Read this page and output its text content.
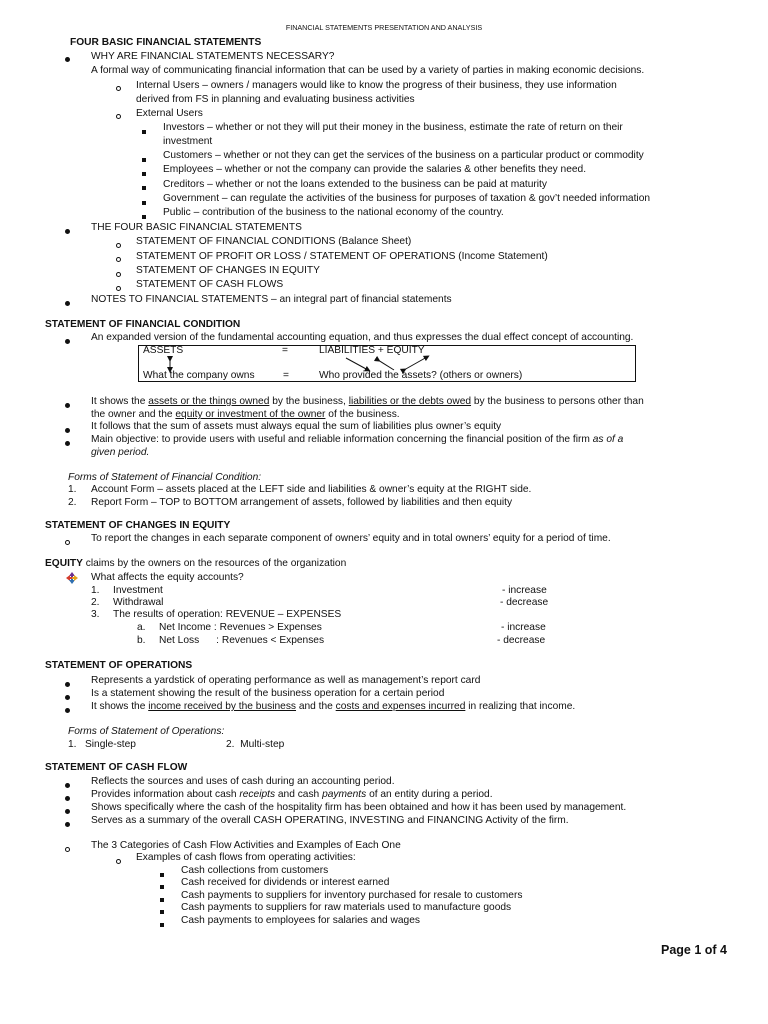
FINANCIAL STATEMENTS PRESENTATION AND ANALYSIS
FOUR BASIC FINANCIAL STATEMENTS
WHY ARE FINANCIAL STATEMENTS NECESSARY?
A formal way of communicating financial information that can be used by a variety of parties in making economic decisions.
Internal Users – owners / managers would like to know the progress of their business, they use information
derived from FS in planning and evaluating business activities
External Users
Investors – whether or not they will put their money in the business, estimate the rate of return on their
investment
Customers – whether or not they can get the services of the business on a particular product or commodity
Employees – whether or not the company can provide the salaries & other benefits they need.
Creditors – whether or not the loans extended to the business can be paid at maturity
Government – can regulate the activities of the business for purposes of taxation & gov’t needed information
Public – contribution of the business to the national economy of the country.
THE FOUR BASIC FINANCIAL STATEMENTS
STATEMENT OF FINANCIAL CONDITIONS (Balance Sheet)
STATEMENT OF PROFIT OR LOSS / STATEMENT OF OPERATIONS (Income Statement)
STATEMENT OF CHANGES IN EQUITY
STATEMENT OF CASH FLOWS
NOTES TO FINANCIAL STATEMENTS – an integral part of financial statements
STATEMENT OF FINANCIAL CONDITION
An expanded version of the fundamental accounting equation, and thus expresses the dual effect concept of accounting.
ASSETS	=	LIABILITIES + EQUITY
What the company owns	=	Who provided the assets? (others or owners)
It shows the assets or the things owned by the business, liabilities or the debts owed by the business to persons other than
the owner and the equity or investment of the owner of the business.
It follows that the sum of assets must always equal the sum of liabilities plus owner’s equity
Main objective: to provide users with useful and reliable information concerning the financial position of the firm as of a
given period.
Forms of Statement of Financial Condition:
1. Account Form – assets placed at the LEFT side and liabilities & owner’s equity at the RIGHT side.
2. Report Form – TOP to BOTTOM arrangement of assets, followed by liabilities and then equity
STATEMENT OF CHANGES IN EQUITY
To report the changes in each separate component of owners’ equity and in total owners’ equity for a period of time.
EQUITY claims by the owners on the resources of the organization
What affects the equity accounts?
1. Investment	- increase
2. Withdrawal	- decrease
3. The results of operation: REVENUE – EXPENSES
a. Net Income : Revenues > Expenses	- increase
b. Net Loss      : Revenues < Expenses	- decrease
STATEMENT OF OPERATIONS
Represents a yardstick of operating performance as well as management’s report card
Is a statement showing the result of the business operation for a certain period
It shows the income received by the business and the costs and expenses incurred in realizing that income.
Forms of Statement of Operations:
1.   Single-step	2.  Multi-step
STATEMENT OF CASH FLOW
Reflects the sources and uses of cash during an accounting period.
Provides information about cash receipts and cash payments of an entity during a period.
Shows specifically where the cash of the hospitality firm has been obtained and how it has been used by management.
Serves as a summary of the overall CASH OPERATING, INVESTING and FINANCING Activity of the firm.
The 3 Categories of Cash Flow Activities and Examples of Each One
Examples of cash flows from operating activities:
Cash collections from customers
Cash received for dividends or interest earned
Cash payments to suppliers for inventory purchased for resale to customers
Cash payments to suppliers for raw materials used to manufacture goods
Cash payments to employees for salaries and wages
Page 1 of 4
